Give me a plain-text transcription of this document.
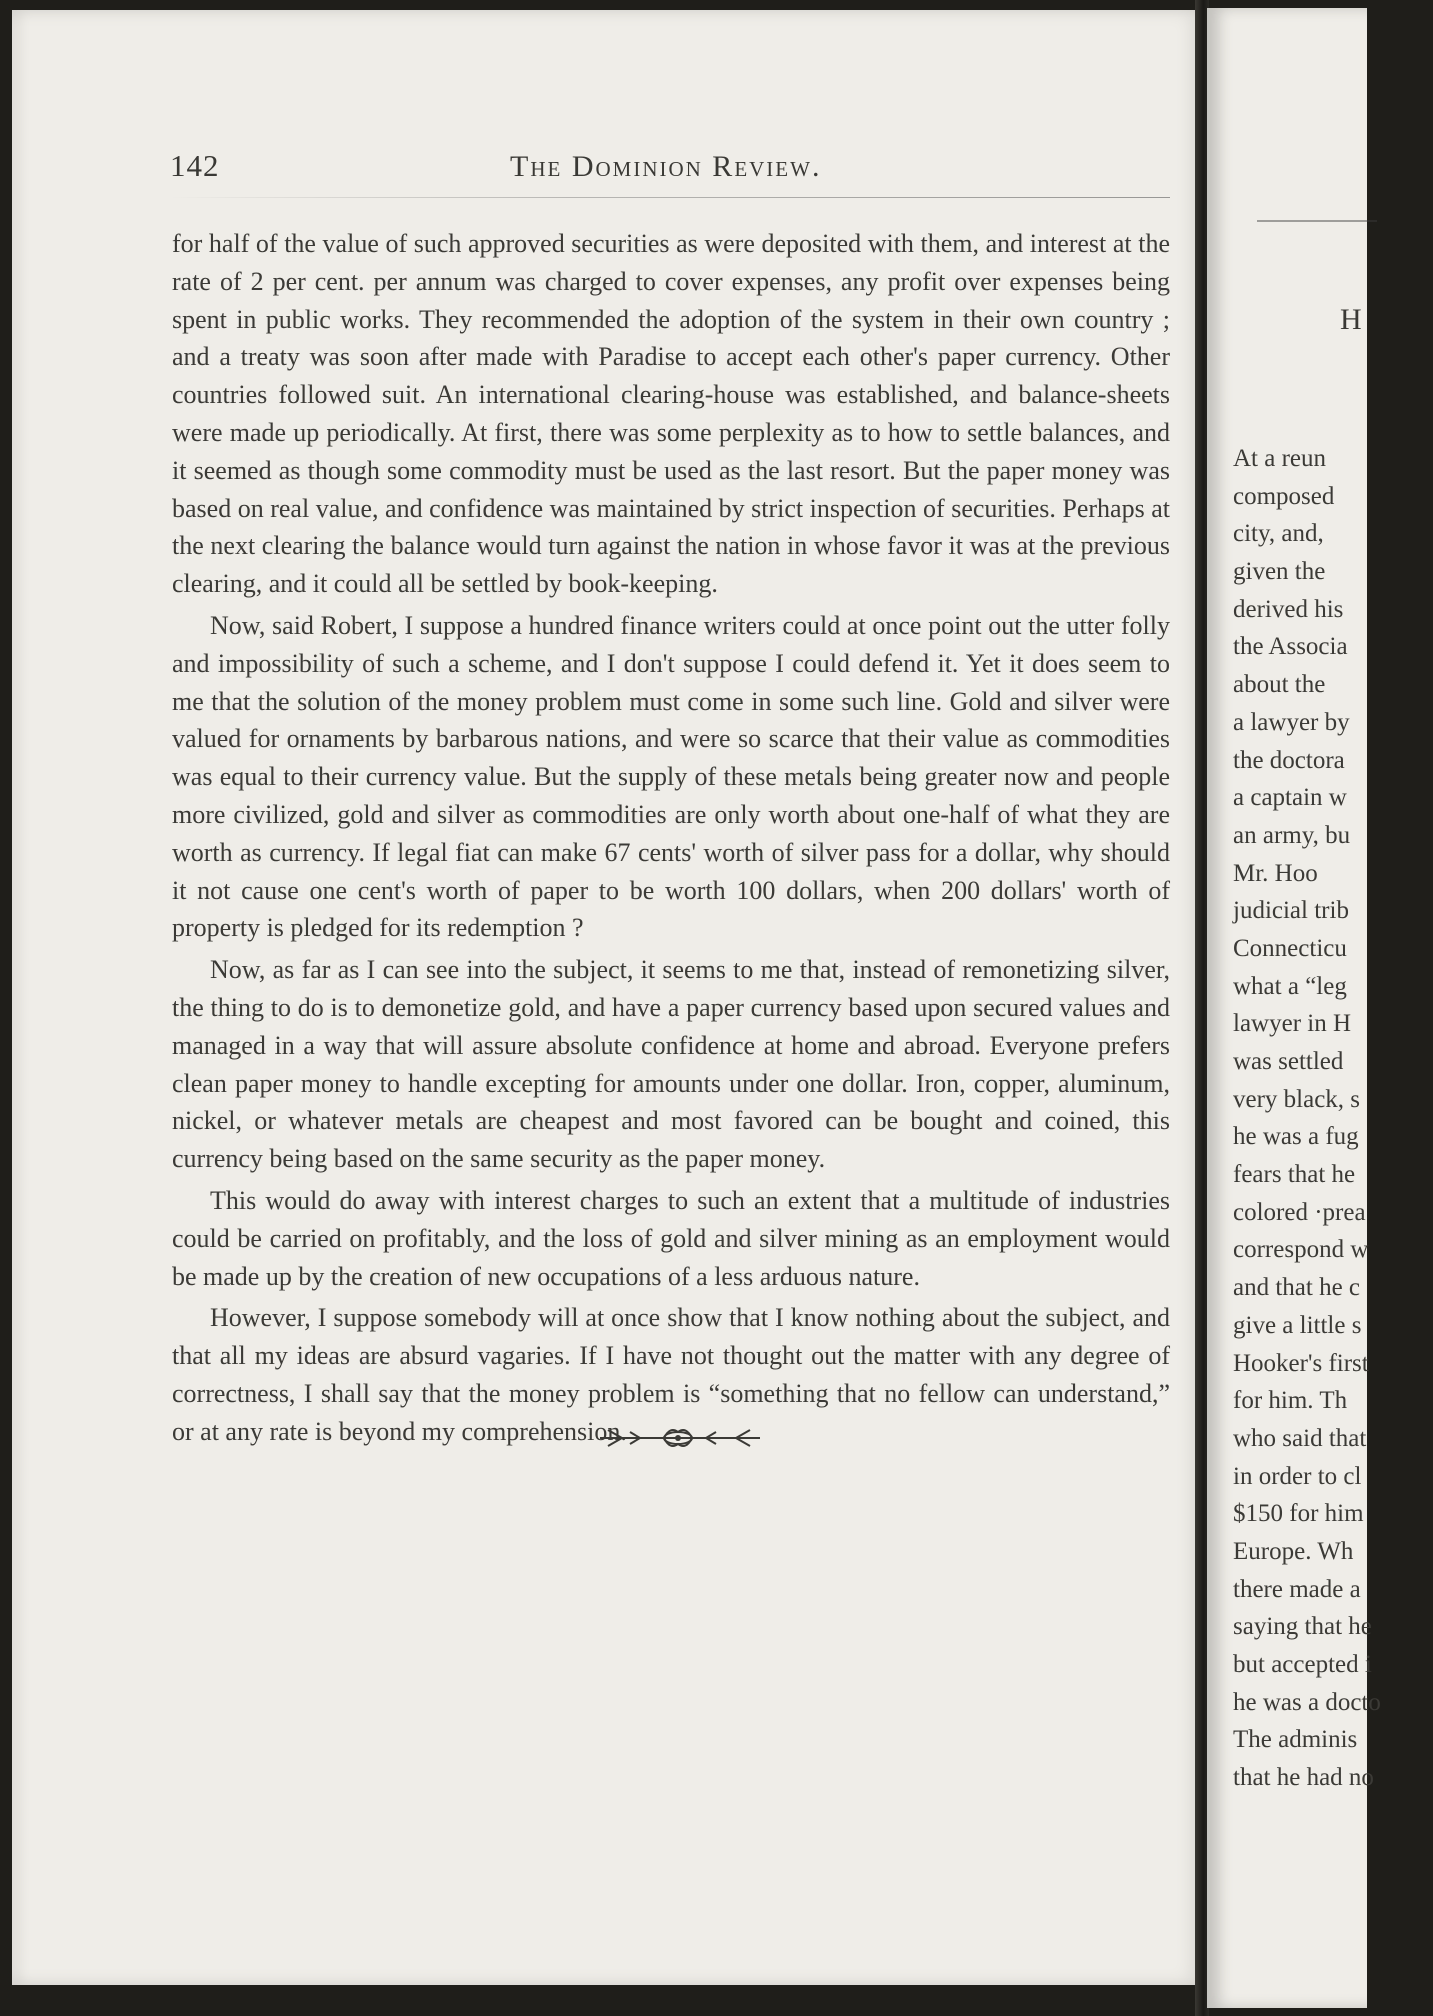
142	The Dominion Review.

for half of the value of such approved securities as were deposited with them, and interest at the rate of 2 per cent. per annum was charged to cover expenses, any profit over expenses being spent in public works. They recommended the adoption of the system in their own country ; and a treaty was soon after made with Paradise to accept each other's paper currency. Other countries followed suit. An international clearing-house was established, and balance-sheets were made up periodically. At first, there was some perplexity as to how to settle balances, and it seemed as though some commodity must be used as the last resort. But the paper money was based on real value, and confidence was maintained by strict inspection of securities. Perhaps at the next clearing the balance would turn against the nation in whose favor it was at the previous clearing, and it could all be settled by book-keeping.

Now, said Robert, I suppose a hundred finance writers could at once point out the utter folly and impossibility of such a scheme, and I don't suppose I could defend it. Yet it does seem to me that the solution of the money problem must come in some such line. Gold and silver were valued for ornaments by barbarous nations, and were so scarce that their value as commodities was equal to their currency value. But the supply of these metals being greater now and people more civilized, gold and silver as commodities are only worth about one-half of what they are worth as currency. If legal fiat can make 67 cents' worth of silver pass for a dollar, why should it not cause one cent's worth of paper to be worth 100 dollars, when 200 dollars' worth of property is pledged for its redemption ?

Now, as far as I can see into the subject, it seems to me that, instead of remonetizing silver, the thing to do is to demonetize gold, and have a paper currency based upon secured values and managed in a way that will assure absolute confidence at home and abroad. Everyone prefers clean paper money to handle excepting for amounts under one dollar. Iron, copper, aluminum, nickel, or whatever metals are cheapest and most favored can be bought and coined, this currency being based on the same security as the paper money.

This would do away with interest charges to such an extent that a multitude of industries could be carried on profitably, and the loss of gold and silver mining as an employment would be made up by the creation of new occupations of a less arduous nature.

However, I suppose somebody will at once show that I know nothing about the subject, and that all my ideas are absurd vagaries. If I have not thought out the matter with any degree of correctness, I shall say that the money problem is “something that no fellow can understand,” or at any rate is beyond my comprehension.

H
At a reun
composed
city, and,
given the
derived his
the Associa
about the
a lawyer by
the doctora
a captain w
an army, bu
Mr. Hoo
judicial trib
Connecticu
what a “leg
lawyer in H
was settled
very black, s
he was a fug
fears that he
colored ·prea
correspond w
and that he c
give a little s
Hooker's first
for him. Th
who said that
in order to cl
$150 for him
Europe. Wh
there made a
saying that he
but accepted i
he was a docto
The adminis
that he had no
